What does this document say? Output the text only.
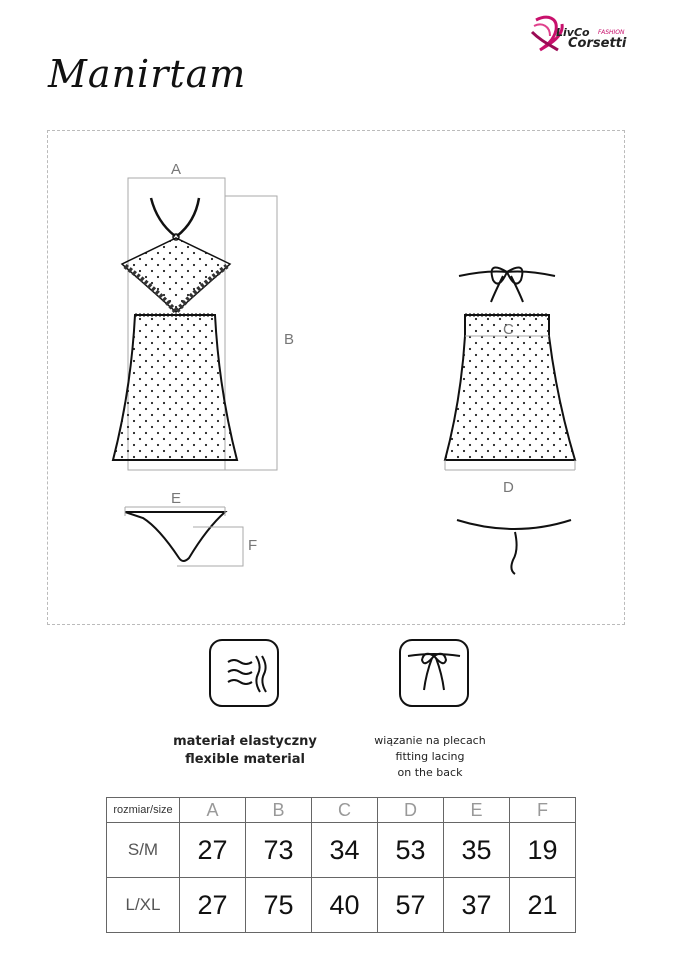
LivCo FASHION
Corsetti
Manirtam
A
B
C
D
E
F
materiał elastyczny
flexible material
wiązanie na plecach
fitting lacing
on the back
rozmiar/size	A	B	C	D	E	F
S/M	27	73	34	53	35	19
L/XL	27	75	40	57	37	21
